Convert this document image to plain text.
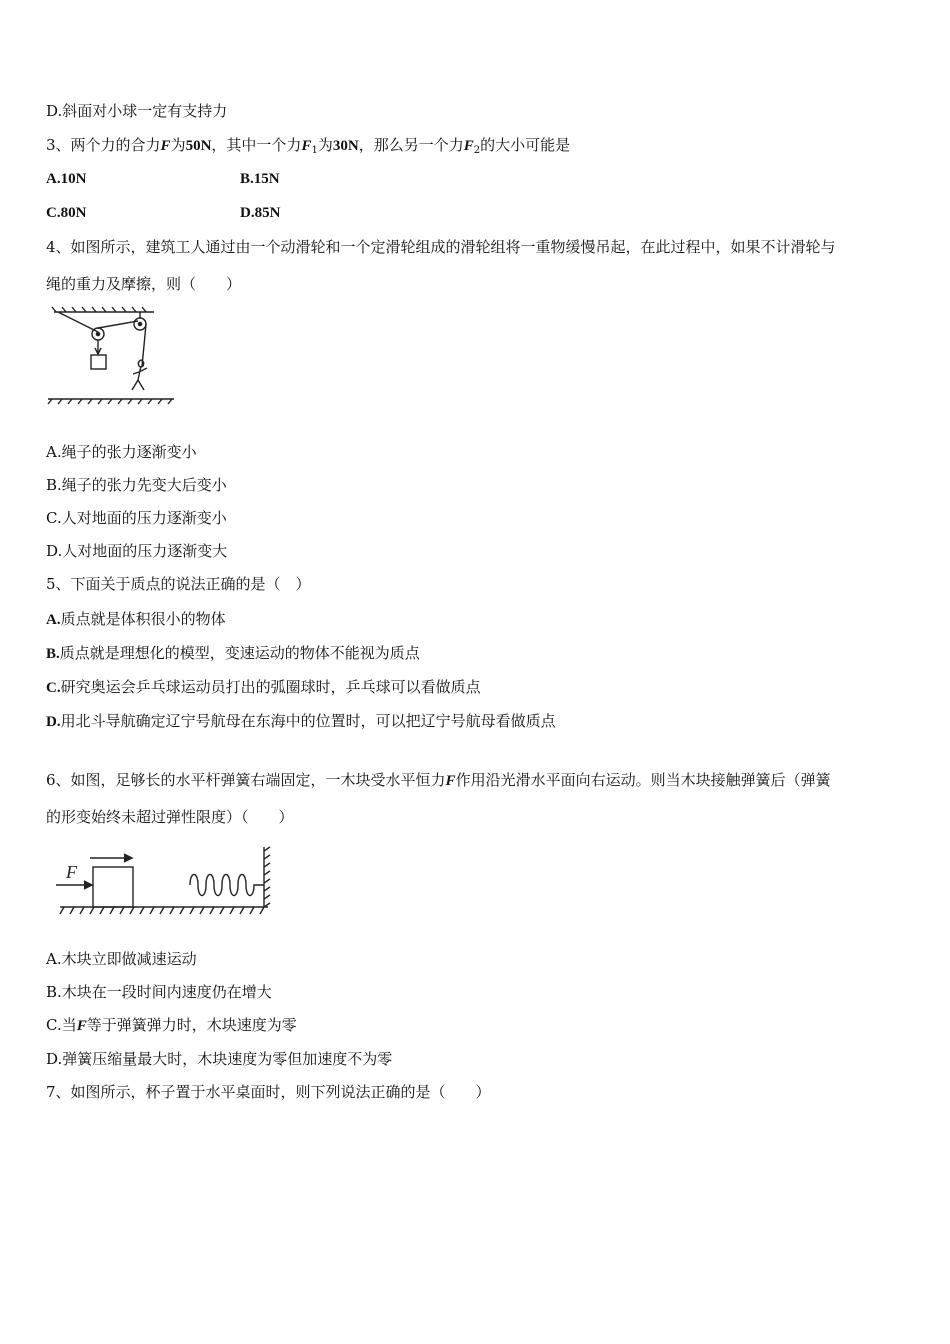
D.斜面对小球一定有支持力
3、两个力的合力F为50N，其中一个力$F_1$为30N，那么另一个力$F_2$的大小可能是
A.10N	B.15N
C.80N	D.85N
4、如图所示，建筑工人通过由一个动滑轮和一个定滑轮组成的滑轮组将一重物缓慢吊起，在此过程中，如果不计滑轮与
绳的重力及摩擦，则（　　）
A.绳子的张力逐渐变小
B.绳子的张力先变大后变小
C.人对地面的压力逐渐变小
D.人对地面的压力逐渐变大
5、下面关于质点的说法正确的是（　）
A.质点就是体积很小的物体
B.质点就是理想化的模型，变速运动的物体不能视为质点
C.研究奥运会乒乓球运动员打出的弧圈球时，乒乓球可以看做质点
D.用北斗导航确定辽宁号航母在东海中的位置时，可以把辽宁号航母看做质点
6、如图，足够长的水平杆弹簧右端固定，一木块受水平恒力F作用沿光滑水平面向右运动。则当木块接触弹簧后（弹簧
的形变始终未超过弹性限度）（　　）
F
A.木块立即做减速运动
B.木块在一段时间内速度仍在增大
C.当F等于弹簧弹力时，木块速度为零
D.弹簧压缩量最大时，木块速度为零但加速度不为零
7、如图所示，杯子置于水平桌面时，则下列说法正确的是（　　）
